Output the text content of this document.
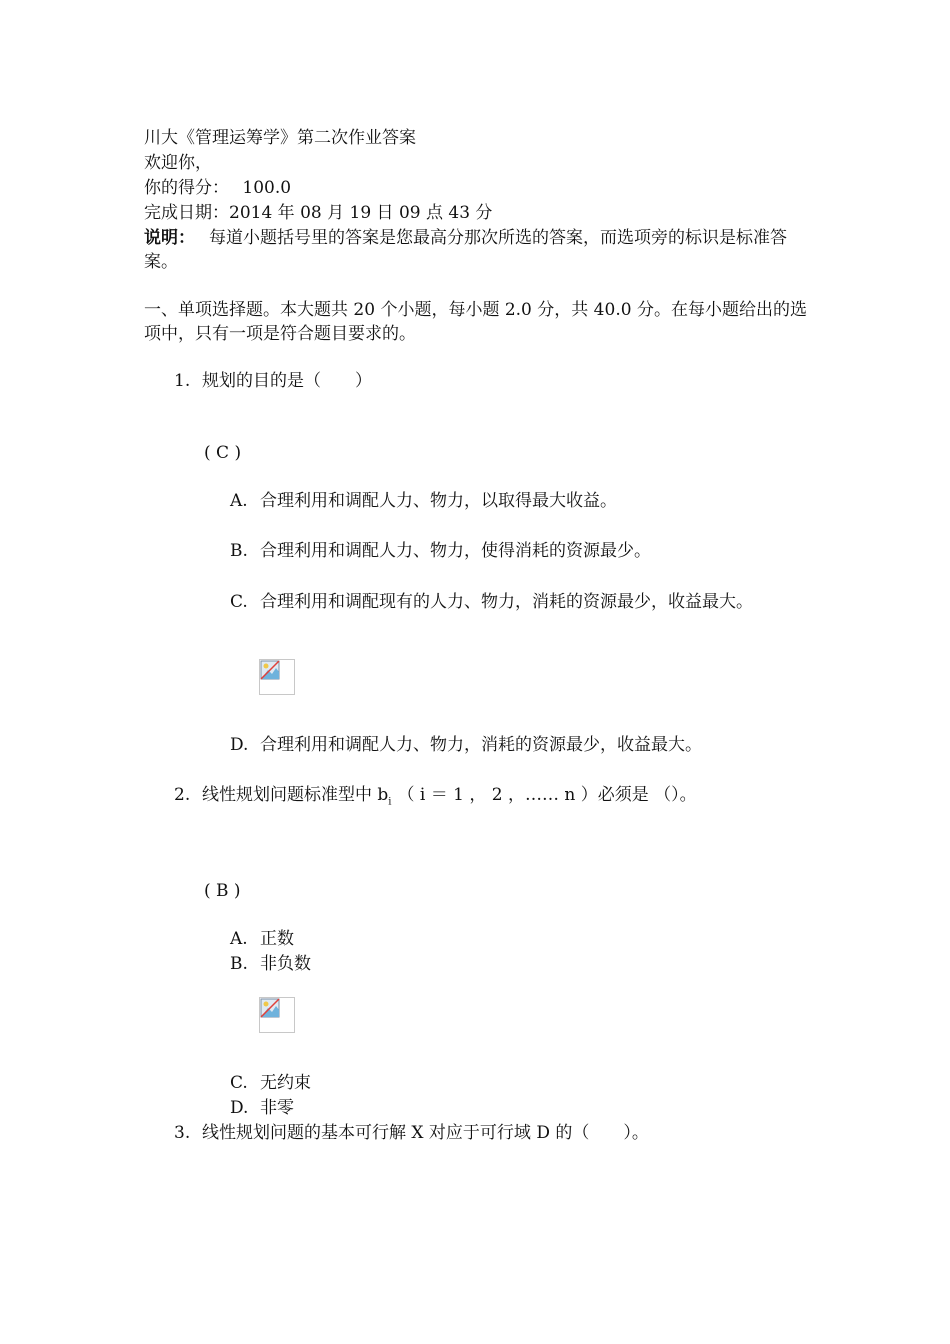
川大《管理运筹学》第二次作业答案
欢迎你，
你的得分： 100.0
完成日期：2014 年 08 月 19 日 09 点 43 分
说明： 每道小题括号里的答案是您最高分那次所选的答案，而选项旁的标识是标准答案。
一、单项选择题。本大题共 20 个小题，每小题 2.0 分，共 40.0 分。在每小题给出的选项中，只有一项是符合题目要求的。
1. 规划的目的是（　　）
( C )
A. 合理利用和调配人力、物力，以取得最大收益。
B. 合理利用和调配人力、物力，使得消耗的资源最少。
C. 合理利用和调配现有的人力、物力，消耗的资源最少，收益最大。
D. 合理利用和调配人力、物力，消耗的资源最少，收益最大。
2. 线性规划问题标准型中 $b_i$ （ i ＝ 1 ， 2 ，…… n ）必须是 （）。
( B )
A. 正数
B. 非负数
C. 无约束
D. 非零
3. 线性规划问题的基本可行解 X 对应于可行域 D 的（　　）。
